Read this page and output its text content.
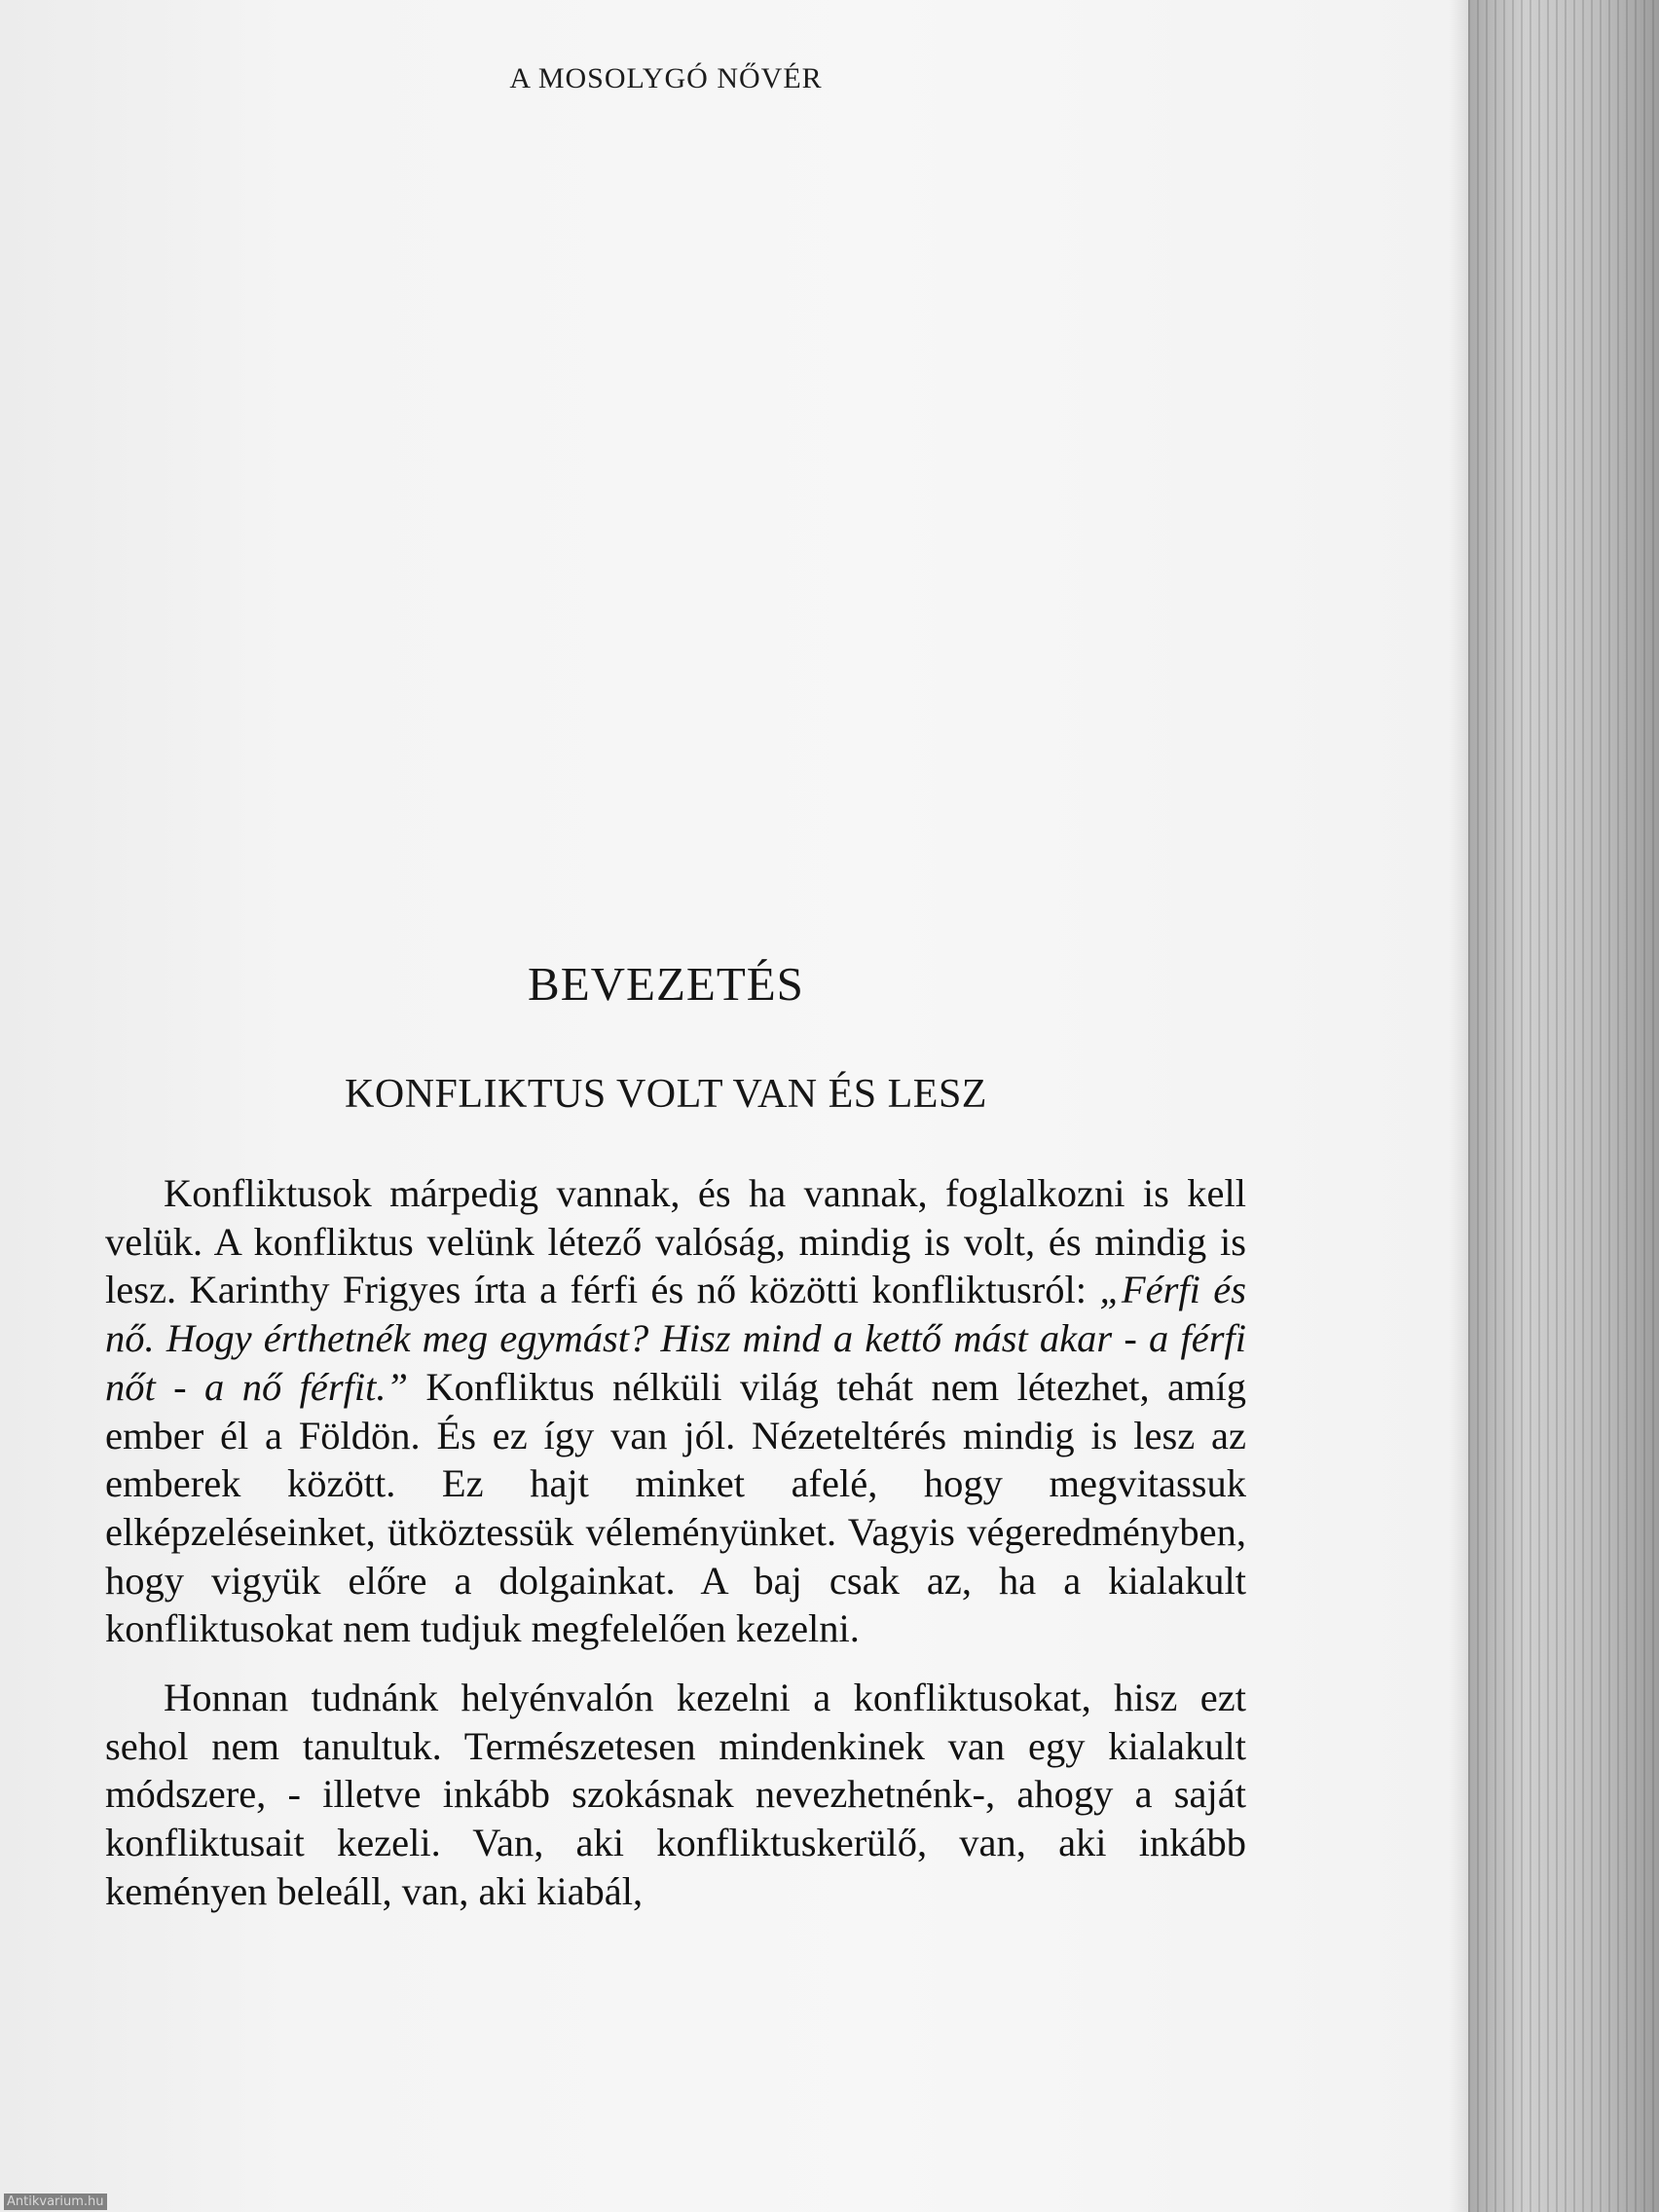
A MOSOLYGÓ NŐVÉR
BEVEZETÉS
KONFLIKTUS VOLT VAN ÉS LESZ

Konfliktusok márpedig vannak, és ha vannak, foglalkozni is kell velük. A konfliktus velünk létező valóság, mindig is volt, és mindig is lesz. Karinthy Frigyes írta a férfi és nő közötti konfliktusról: „Férfi és nő. Hogy érthetnék meg egymást? Hisz mind a kettő mást akar - a férfi nőt - a nő férfit.” Konfliktus nélküli világ tehát nem létezhet, amíg ember él a Földön. És ez így van jól. Nézeteltérés mindig is lesz az emberek között. Ez hajt minket afelé, hogy megvitassuk elképzeléseinket, ütköztessük véleményünket. Vagyis végeredményben, hogy vigyük előre a dolgainkat. A baj csak az, ha a kialakult konfliktusokat nem tudjuk megfelelően kezelni.

Honnan tudnánk helyénvalón kezelni a konfliktusokat, hisz ezt sehol nem tanultuk. Természetesen mindenkinek van egy kialakult módszere, - illetve inkább szokásnak nevezhetnénk-, ahogy a saját konfliktusait kezeli. Van, aki konfliktuskerülő, van, aki inkább keményen beleáll, van, aki kiabál,

Antikvarium.hu
